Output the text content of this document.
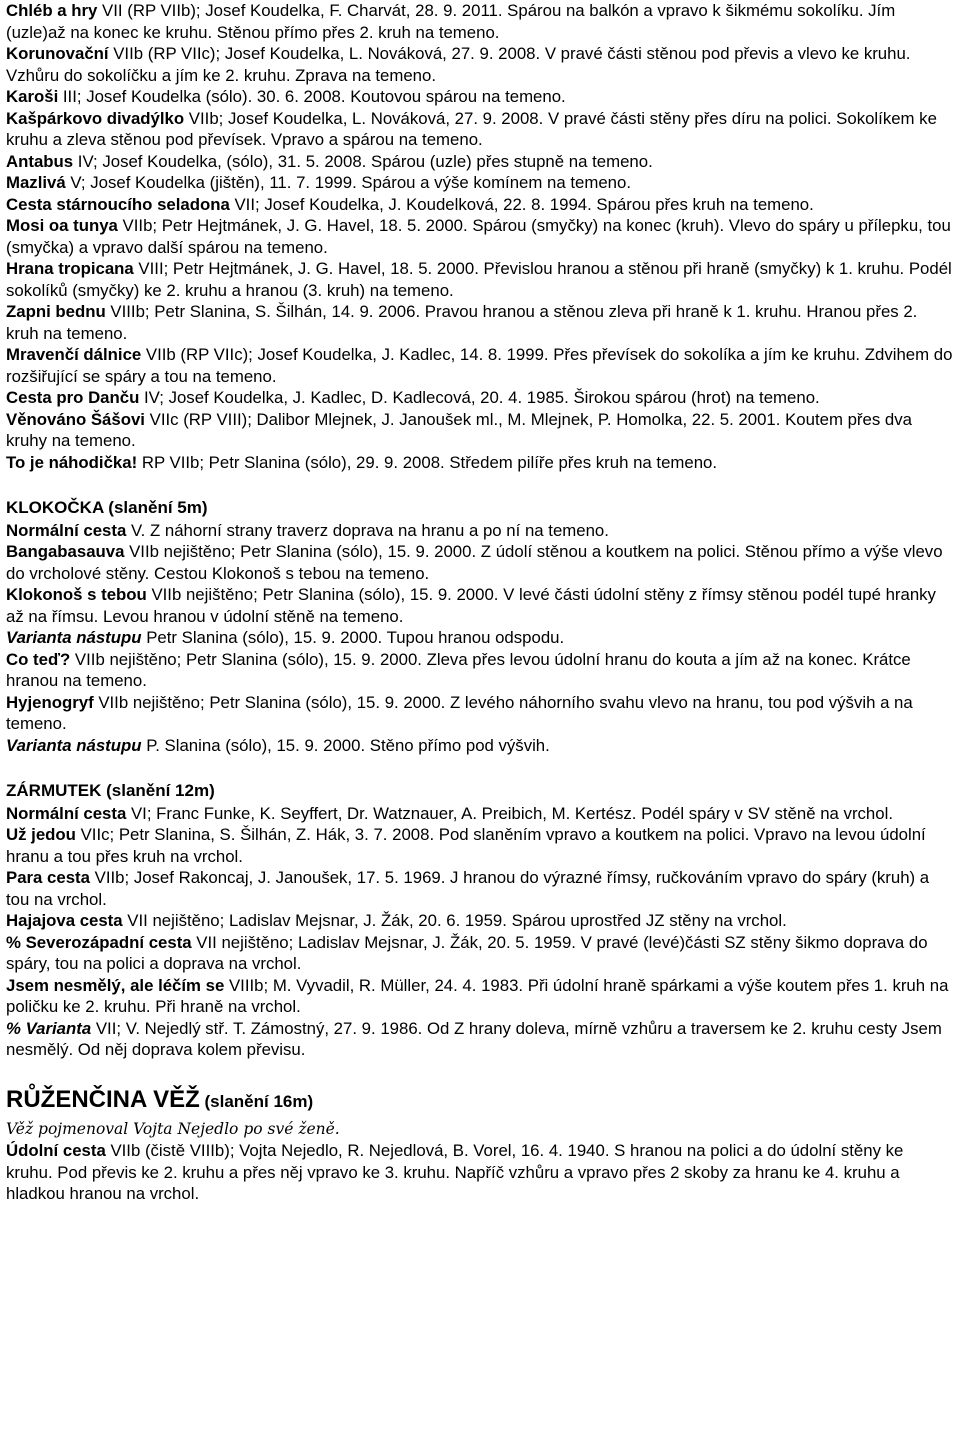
Chléb a hry VII (RP VIIb); Josef Koudelka, F. Charvát, 28. 9. 2011. Spárou na balkón a vpravo k šikmému sokolíku. Jím (uzle)až na konec ke kruhu. Stěnou přímo přes 2. kruh na temeno.

Korunovační VIIb (RP VIIc); Josef Koudelka, L. Nováková, 27. 9. 2008. V pravé části stěnou pod převis a vlevo ke kruhu. Vzhůru do sokolíčku a jím ke 2. kruhu. Zprava na temeno.

Karoši III; Josef Koudelka (sólo). 30. 6. 2008. Koutovou spárou na temeno.

Kašpárkovo divadýlko VIIb; Josef Koudelka, L. Nováková, 27. 9. 2008. V pravé části stěny přes díru na polici. Sokolíkem ke kruhu a zleva stěnou pod převísek. Vpravo a spárou na temeno.

Antabus IV; Josef Koudelka, (sólo), 31. 5. 2008. Spárou (uzle) přes stupně na temeno.

Mazlivá V; Josef Koudelka (jištěn), 11. 7. 1999. Spárou a výše komínem na temeno.

Cesta stárnoucího seladona VII; Josef Koudelka, J. Koudelková, 22. 8. 1994. Spárou přes kruh na temeno.

Mosi oa tunya VIIb; Petr Hejtmánek, J. G. Havel, 18. 5. 2000. Spárou (smyčky) na konec (kruh). Vlevo do spáry u přílepku, tou (smyčka) a vpravo další spárou na temeno.

Hrana tropicana VIII; Petr Hejtmánek, J. G. Havel, 18. 5. 2000. Převislou hranou a stěnou při hraně (smyčky) k 1. kruhu. Podél sokolíků (smyčky) ke 2. kruhu a hranou (3. kruh) na temeno.

Zapni bednu VIIIb; Petr Slanina, S. Šilhán, 14. 9. 2006. Pravou hranou a stěnou zleva při hraně k 1. kruhu. Hranou přes 2. kruh na temeno.

Mravenčí dálnice VIIb (RP VIIc); Josef Koudelka, J. Kadlec, 14. 8. 1999. Přes převísek do sokolíka a jím ke kruhu. Zdvihem do rozšiřující se spáry a tou na temeno.

Cesta pro Danču IV; Josef Koudelka, J. Kadlec, D. Kadlecová, 20. 4. 1985. Širokou spárou (hrot) na temeno.

Věnováno Šášovi VIIc (RP VIII); Dalibor Mlejnek, J. Janoušek ml., M. Mlejnek, P. Homolka, 22. 5. 2001. Koutem přes dva kruhy na temeno.

To je náhodička! RP VIIb; Petr Slanina (sólo), 29. 9. 2008. Středem pilíře přes kruh na temeno.

KLOKOČKA (slanění 5m)

Normální cesta V. Z náhorní strany traverz doprava na hranu a po ní na temeno.

Bangabasauva VIIb nejištěno; Petr Slanina (sólo), 15. 9. 2000. Z údolí stěnou a koutkem na polici. Stěnou přímo a výše vlevo do vrcholové stěny. Cestou Klokonoš s tebou na temeno.

Klokonoš s tebou VIIb nejištěno; Petr Slanina (sólo), 15. 9. 2000. V levé části údolní stěny z římsy stěnou podél tupé hranky až na římsu. Levou hranou v údolní stěně na temeno.

Varianta nástupu Petr Slanina (sólo), 15. 9. 2000. Tupou hranou odspodu.

Co teď? VIIb nejištěno; Petr Slanina (sólo), 15. 9. 2000. Zleva přes levou údolní hranu do kouta a jím až na konec. Krátce hranou na temeno.

Hyjenogryf VIIb nejištěno; Petr Slanina (sólo), 15. 9. 2000. Z levého náhorního svahu vlevo na hranu, tou pod výšvih a na temeno.

Varianta nástupu P. Slanina (sólo), 15. 9. 2000. Stěno přímo pod výšvih.

ZÁRMUTEK (slanění 12m)

Normální cesta VI; Franc Funke, K. Seyffert, Dr. Watznauer, A. Preibich, M. Kertész. Podél spáry v SV stěně na vrchol.

Už jedou VIIc; Petr Slanina, S. Šilhán, Z. Hák, 3. 7. 2008. Pod slaněním vpravo a koutkem na polici. Vpravo na levou údolní hranu a tou přes kruh na vrchol.

Para cesta VIIb; Josef Rakoncaj, J. Janoušek, 17. 5. 1969. J hranou do výrazné římsy, ručkováním vpravo do spáry (kruh) a tou na vrchol.

Hajajova cesta VII nejištěno; Ladislav Mejsnar, J. Žák, 20. 6. 1959. Spárou uprostřed JZ stěny na vrchol.

% Severozápadní cesta VII nejištěno; Ladislav Mejsnar, J. Žák, 20. 5. 1959. V pravé (levé)části SZ stěny šikmo doprava do spáry, tou na polici a doprava na vrchol.

Jsem nesmělý, ale léčím se VIIIb; M. Vyvadil, R. Müller, 24. 4. 1983. Při údolní hraně spárkami a výše koutem přes 1. kruh na poličku ke 2. kruhu. Při hraně na vrchol.

% Varianta VII; V. Nejedlý stř. T. Zámostný, 27. 9. 1986. Od Z hrany doleva, mírně vzhůru a traversem ke 2. kruhu cesty Jsem nesmělý. Od něj doprava kolem převisu.

RŮŽENČINA VĚŽ (slanění 16m)

Věž pojmenoval Vojta Nejedlo po své ženě.

Údolní cesta VIIb (čistě VIIIb); Vojta Nejedlo, R. Nejedlová, B. Vorel, 16. 4. 1940. S hranou na polici a do údolní stěny ke kruhu. Pod převis ke 2. kruhu a přes něj vpravo ke 3. kruhu. Napříč vzhůru a vpravo přes 2 skoby za hranu ke 4. kruhu a hladkou hranou na vrchol.
